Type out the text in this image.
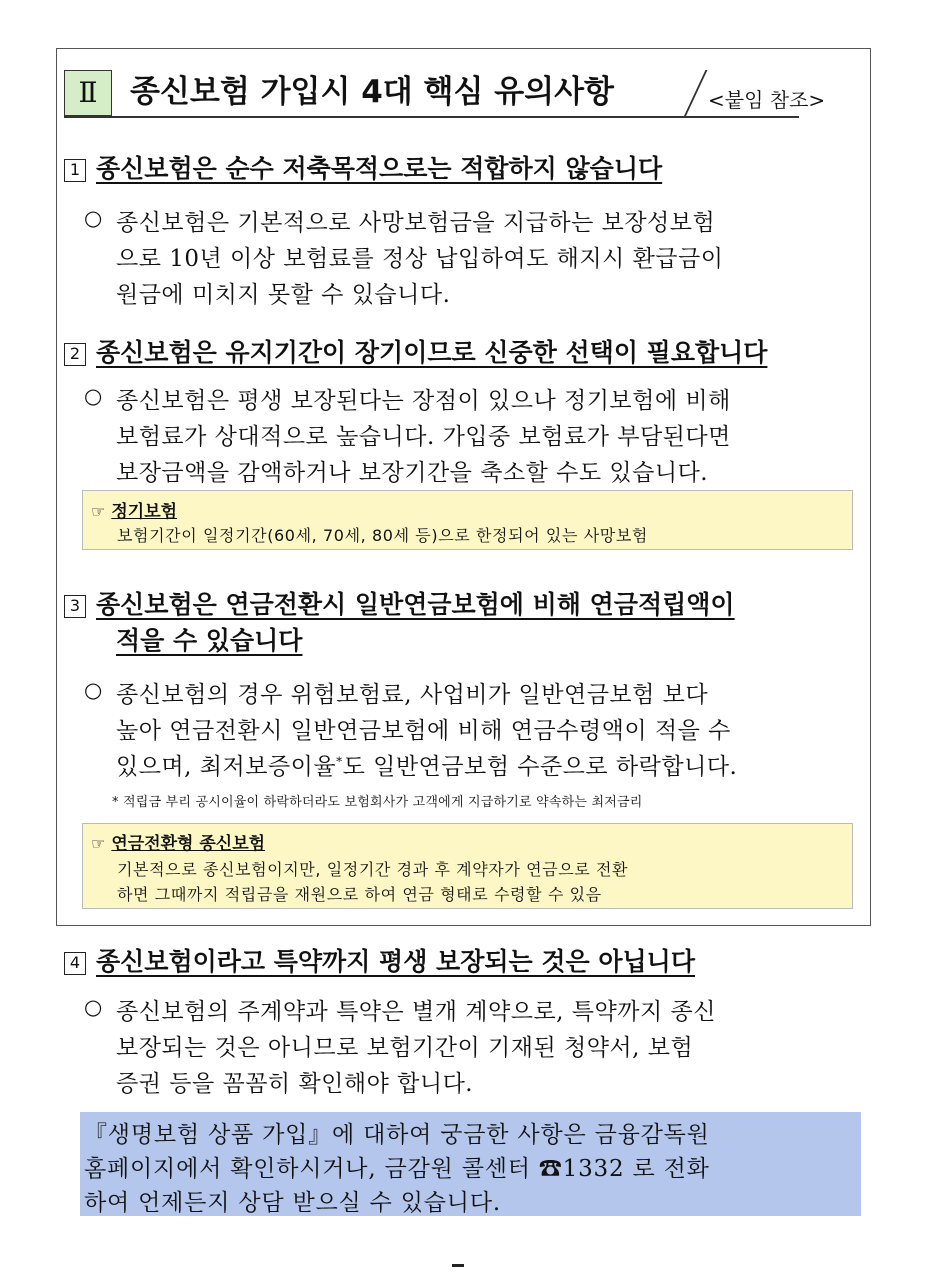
Ⅱ	종신보험 가입시 4대 핵심 유의사항	<붙임 참조>
1 종신보험은 순수 저축목적으로는 적합하지 않습니다
○ 종신보험은 기본적으로 사망보험금을 지급하는 보장성보험
으로 10년 이상 보험료를 정상 납입하여도 해지시 환급금이
원금에 미치지 못할 수 있습니다.
2 종신보험은 유지기간이 장기이므로 신중한 선택이 필요합니다
○ 종신보험은 평생 보장된다는 장점이 있으나 정기보험에 비해
보험료가 상대적으로 높습니다. 가입중 보험료가 부담된다면
보장금액을 감액하거나 보장기간을 축소할 수도 있습니다.
☞ 정기보험
보험기간이 일정기간(60세, 70세, 80세 등)으로 한정되어 있는 사망보험
3 종신보험은 연금전환시 일반연금보험에 비해 연금적립액이
적을 수 있습니다
○ 종신보험의 경우 위험보험료, 사업비가 일반연금보험 보다
높아 연금전환시 일반연금보험에 비해 연금수령액이 적을 수
있으며, 최저보증이율*도 일반연금보험 수준으로 하락합니다.
* 적립금 부리 공시이율이 하락하더라도 보험회사가 고객에게 지급하기로 약속하는 최저금리
☞ 연금전환형 종신보험
기본적으로 종신보험이지만, 일정기간 경과 후 계약자가 연금으로 전환
하면 그때까지 적립금을 재원으로 하여 연금 형태로 수령할 수 있음
4 종신보험이라고 특약까지 평생 보장되는 것은 아닙니다
○ 종신보험의 주계약과 특약은 별개 계약으로, 특약까지 종신
보장되는 것은 아니므로 보험기간이 기재된 청약서, 보험
증권 등을 꼼꼼히 확인해야 합니다.
『생명보험 상품 가입』에 대하여 궁금한 사항은 금융감독원
홈페이지에서 확인하시거나, 금감원 콜센터 ☎1332 로 전화
하여 언제든지 상담 받으실 수 있습니다.
